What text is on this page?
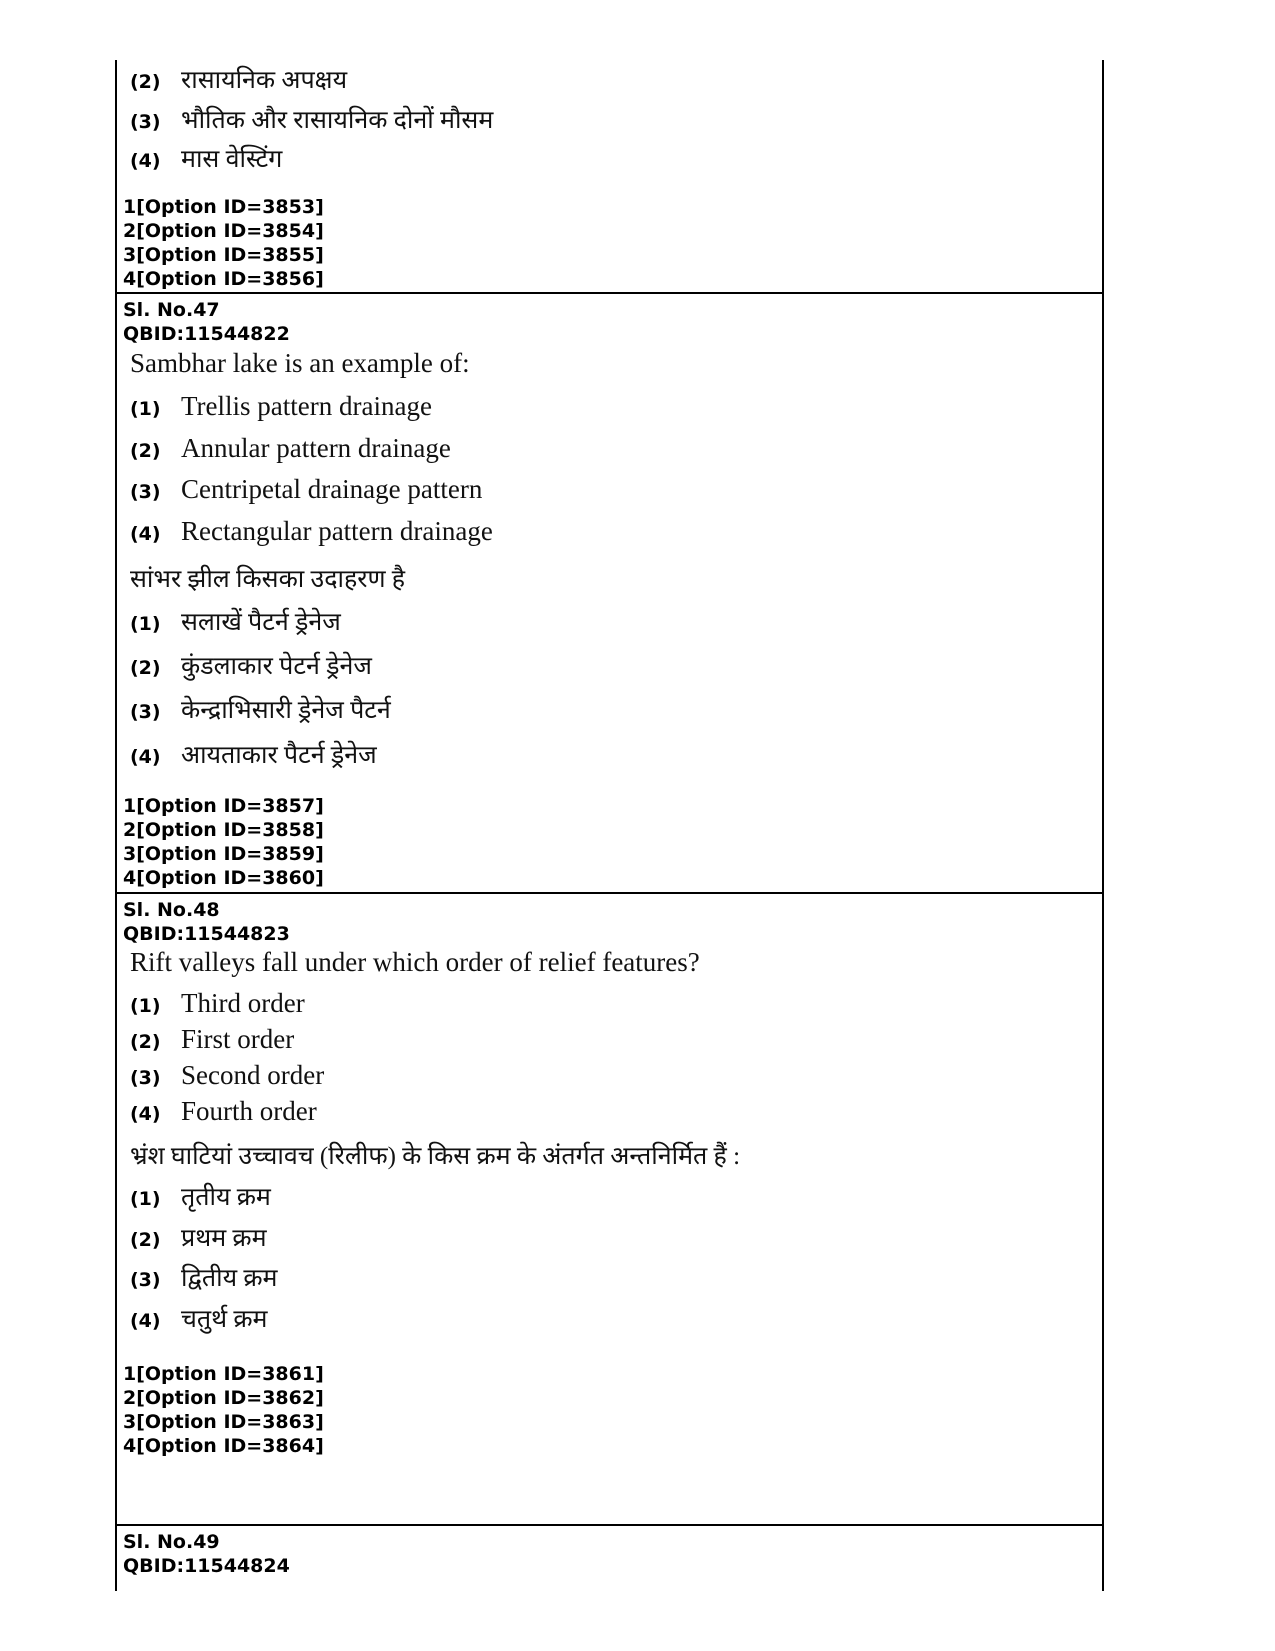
(2) रासायनिक अपक्षय
(3) भौतिक और रासायनिक दोनों मौसम
(4) मास वेस्टिंग
1[Option ID=3853]
2[Option ID=3854]
3[Option ID=3855]
4[Option ID=3856]
Sl. No.47
QBID:11544822
Sambhar lake is an example of:
(1) Trellis pattern drainage
(2) Annular pattern drainage
(3) Centripetal drainage pattern
(4) Rectangular pattern drainage
सांभर झील किसका उदाहरण है
(1) सलाखें पैटर्न ड्रेनेज
(2) कुंडलाकार पेटर्न ड्रेनेज
(3) केन्द्राभिसारी ड्रेनेज पैटर्न
(4) आयताकार पैटर्न ड्रेनेज
1[Option ID=3857]
2[Option ID=3858]
3[Option ID=3859]
4[Option ID=3860]
Sl. No.48
QBID:11544823
Rift valleys fall under which order of relief features?
(1) Third order
(2) First order
(3) Second order
(4) Fourth order
भ्रंश घाटियां उच्चावच (रिलीफ) के किस क्रम के अंतर्गत अन्तनिर्मित हैं :
(1) तृतीय क्रम
(2) प्रथम क्रम
(3) द्वितीय क्रम
(4) चतुर्थ क्रम
1[Option ID=3861]
2[Option ID=3862]
3[Option ID=3863]
4[Option ID=3864]
Sl. No.49
QBID:11544824
